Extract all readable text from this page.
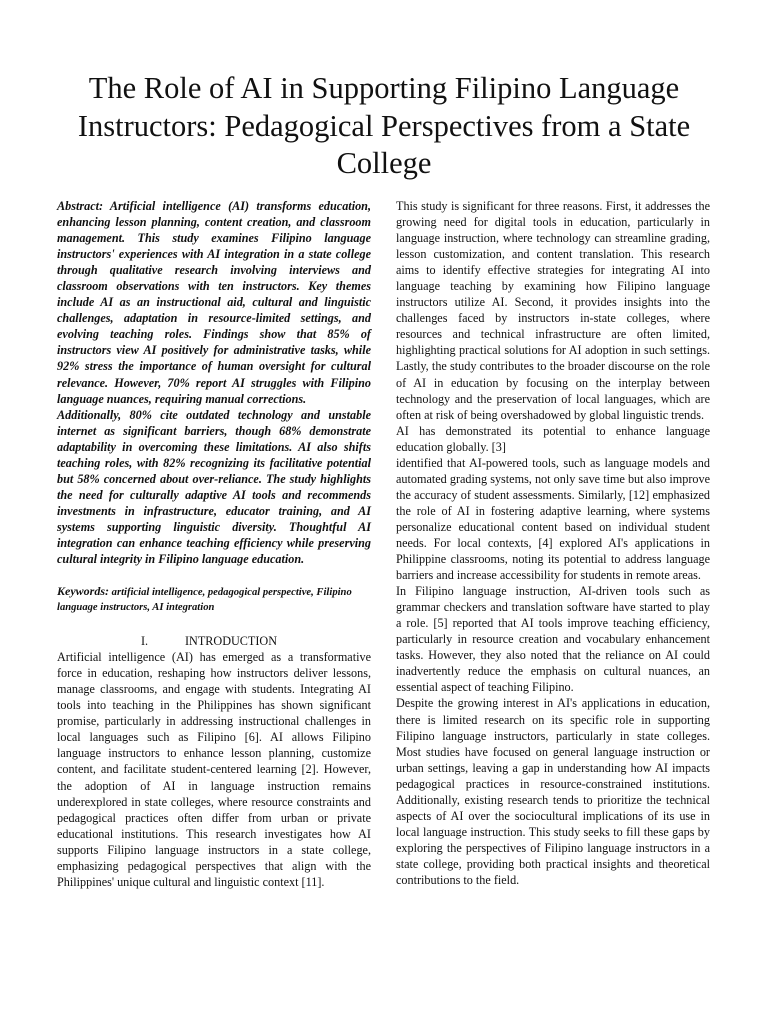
The Role of AI in Supporting Filipino Language Instructors: Pedagogical Perspectives from a State College

Abstract: Artificial intelligence (AI) transforms education, enhancing lesson planning, content creation, and classroom management. This study examines Filipino language instructors' experiences with AI integration in a state college through qualitative research involving interviews and classroom observations with ten instructors. Key themes include AI as an instructional aid, cultural and linguistic challenges, adaptation in resource-limited settings, and evolving teaching roles. Findings show that 85% of instructors view AI positively for administrative tasks, while 92% stress the importance of human oversight for cultural relevance. However, 70% report AI struggles with Filipino language nuances, requiring manual corrections.

Additionally, 80% cite outdated technology and unstable internet as significant barriers, though 68% demonstrate adaptability in overcoming these limitations. AI also shifts teaching roles, with 82% recognizing its facilitative potential but 58% concerned about over-reliance. The study highlights the need for culturally adaptive AI tools and recommends investments in infrastructure, educator training, and AI systems supporting linguistic diversity. Thoughtful AI integration can enhance teaching efficiency while preserving cultural integrity in Filipino language education.

Keywords: artificial intelligence, pedagogical perspective, Filipino language instructors, AI integration

I.	INTRODUCTION

Artificial intelligence (AI) has emerged as a transformative force in education, reshaping how instructors deliver lessons, manage classrooms, and engage with students. Integrating AI tools into teaching in the Philippines has shown significant promise, particularly in addressing instructional challenges in local languages such as Filipino [6]. AI allows Filipino language instructors to enhance lesson planning, customize content, and facilitate student-centered learning [2]. However, the adoption of AI in language instruction remains underexplored in state colleges, where resource constraints and pedagogical practices often differ from urban or private educational institutions. This research investigates how AI supports Filipino language instructors in a state college, emphasizing pedagogical perspectives that align with the Philippines' unique cultural and linguistic context [11].

This study is significant for three reasons. First, it addresses the growing need for digital tools in education, particularly in language instruction, where technology can streamline grading, lesson customization, and content translation. This research aims to identify effective strategies for integrating AI into language teaching by examining how Filipino language instructors utilize AI. Second, it provides insights into the challenges faced by instructors in-state colleges, where resources and technical infrastructure are often limited, highlighting practical solutions for AI adoption in such settings. Lastly, the study contributes to the broader discourse on the role of AI in education by focusing on the interplay between technology and the preservation of local languages, which are often at risk of being overshadowed by global linguistic trends.

AI has demonstrated its potential to enhance language education globally. [3]

identified that AI-powered tools, such as language models and automated grading systems, not only save time but also improve the accuracy of student assessments. Similarly, [12] emphasized the role of AI in fostering adaptive learning, where systems personalize educational content based on individual student needs. For local contexts, [4] explored AI's applications in Philippine classrooms, noting its potential to address language barriers and increase accessibility for students in remote areas.

In Filipino language instruction, AI-driven tools such as grammar checkers and translation software have started to play a role. [5] reported that AI tools improve teaching efficiency, particularly in resource creation and vocabulary enhancement tasks. However, they also noted that the reliance on AI could inadvertently reduce the emphasis on cultural nuances, an essential aspect of teaching Filipino.

Despite the growing interest in AI's applications in education, there is limited research on its specific role in supporting Filipino language instructors, particularly in state colleges. Most studies have focused on general language instruction or urban settings, leaving a gap in understanding how AI impacts pedagogical practices in resource-constrained institutions. Additionally, existing research tends to prioritize the technical aspects of AI over the sociocultural implications of its use in local language instruction. This study seeks to fill these gaps by exploring the perspectives of Filipino language instructors in a state college, providing both practical insights and theoretical contributions to the field.
